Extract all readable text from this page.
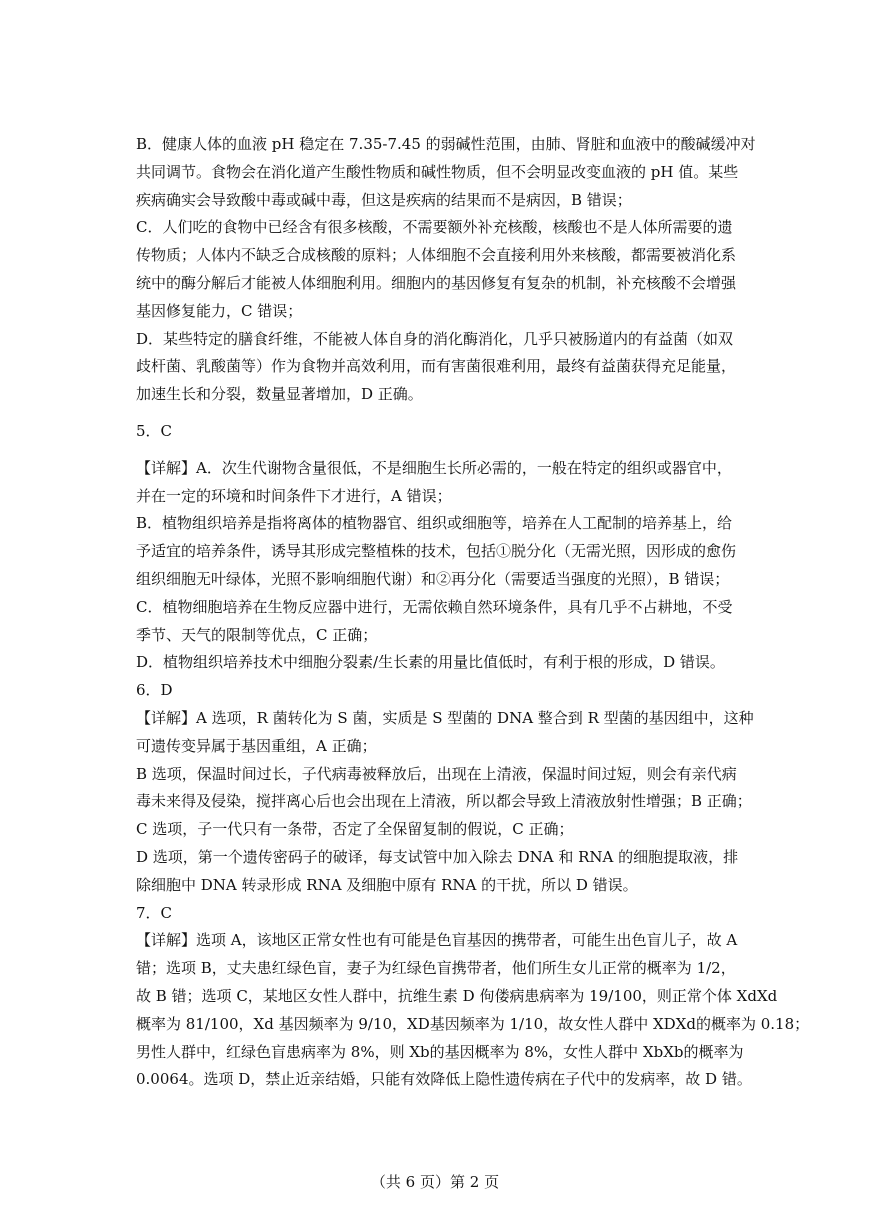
B．健康人体的血液 pH 稳定在 7.35-7.45 的弱碱性范围，由肺、肾脏和血液中的酸碱缓冲对
共同调节。食物会在消化道产生酸性物质和碱性物质，但不会明显改变血液的 pH 值。某些
疾病确实会导致酸中毒或碱中毒，但这是疾病的结果而不是病因，B 错误；
C．人们吃的食物中已经含有很多核酸，不需要额外补充核酸，核酸也不是人体所需要的遗
传物质；人体内不缺乏合成核酸的原料；人体细胞不会直接利用外来核酸，都需要被消化系
统中的酶分解后才能被人体细胞利用。细胞内的基因修复有复杂的机制，补充核酸不会增强
基因修复能力，C 错误；
D．某些特定的膳食纤维，不能被人体自身的消化酶消化，几乎只被肠道内的有益菌（如双
歧杆菌、乳酸菌等）作为食物并高效利用，而有害菌很难利用，最终有益菌获得充足能量，
加速生长和分裂，数量显著增加，D 正确。
5．C
【详解】A．次生代谢物含量很低，不是细胞生长所必需的，一般在特定的组织或器官中，
并在一定的环境和时间条件下才进行，A 错误；
B．植物组织培养是指将离体的植物器官、组织或细胞等，培养在人工配制的培养基上，给
予适宜的培养条件，诱导其形成完整植株的技术，包括①脱分化（无需光照，因形成的愈伤
组织细胞无叶绿体，光照不影响细胞代谢）和②再分化（需要适当强度的光照），B 错误；
C．植物细胞培养在生物反应器中进行，无需依赖自然环境条件，具有几乎不占耕地，不受
季节、天气的限制等优点，C 正确；
D．植物组织培养技术中细胞分裂素/生长素的用量比值低时，有利于根的形成，D 错误。
6．D
【详解】A 选项，R 菌转化为 S 菌，实质是 S 型菌的 DNA 整合到 R 型菌的基因组中，这种
可遗传变异属于基因重组，A 正确；
B 选项，保温时间过长，子代病毒被释放后，出现在上清液，保温时间过短，则会有亲代病
毒未来得及侵染，搅拌离心后也会出现在上清液，所以都会导致上清液放射性增强；B 正确；
C 选项，子一代只有一条带，否定了全保留复制的假说，C 正确；
D 选项，第一个遗传密码子的破译，每支试管中加入除去 DNA 和 RNA 的细胞提取液，排
除细胞中 DNA 转录形成 RNA 及细胞中原有 RNA 的干扰，所以 D 错误。
7．C
【详解】选项 A，该地区正常女性也有可能是色盲基因的携带者，可能生出色盲儿子，故 A
错；选项 B，丈夫患红绿色盲，妻子为红绿色盲携带者，他们所生女儿正常的概率为 1/2，
故 B 错；选项 C，某地区女性人群中，抗维生素 D 佝偻病患病率为 19/100，则正常个体 XdXd
概率为 81/100，Xd 基因频率为 9/10，XD基因频率为 1/10，故女性人群中 XDXd的概率为 0.18；
男性人群中，红绿色盲患病率为 8%，则 Xb的基因概率为 8%，女性人群中 XbXb的概率为
0.0064。选项 D，禁止近亲结婚，只能有效降低上隐性遗传病在子代中的发病率，故 D 错。
（共 6 页）第 2 页
